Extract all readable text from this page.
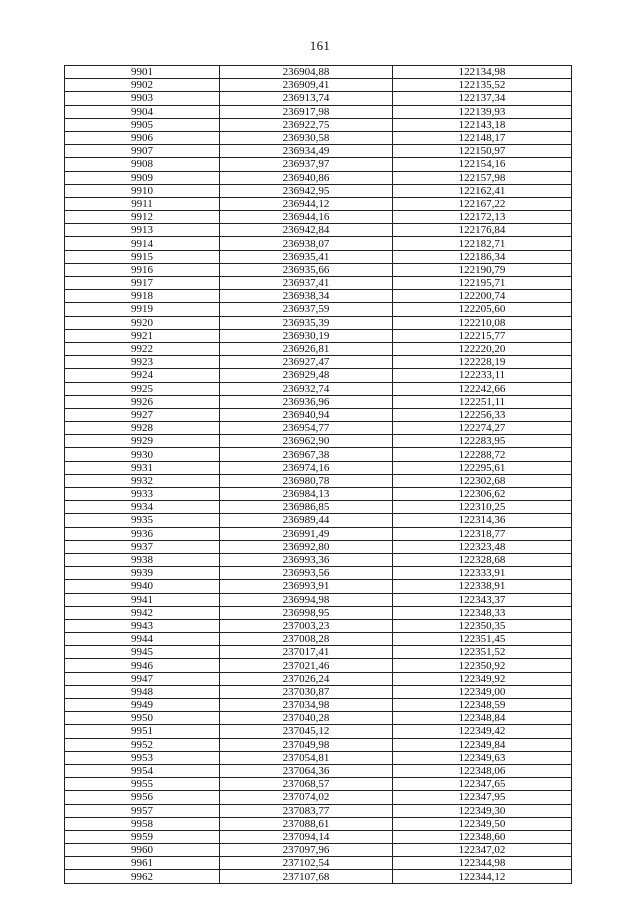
161
9901	236904,88	122134,98
9902	236909,41	122135,52
9903	236913,74	122137,34
9904	236917,98	122139,93
9905	236922,75	122143,18
9906	236930,58	122148,17
9907	236934,49	122150,97
9908	236937,97	122154,16
9909	236940,86	122157,98
9910	236942,95	122162,41
9911	236944,12	122167,22
9912	236944,16	122172,13
9913	236942,84	122176,84
9914	236938,07	122182,71
9915	236935,41	122186,34
9916	236935,66	122190,79
9917	236937,41	122195,71
9918	236938,34	122200,74
9919	236937,59	122205,60
9920	236935,39	122210,08
9921	236930,19	122215,77
9922	236926,81	122220,20
9923	236927,47	122228,19
9924	236929,48	122233,11
9925	236932,74	122242,66
9926	236936,96	122251,11
9927	236940,94	122256,33
9928	236954,77	122274,27
9929	236962,90	122283,95
9930	236967,38	122288,72
9931	236974,16	122295,61
9932	236980,78	122302,68
9933	236984,13	122306,62
9934	236986,85	122310,25
9935	236989,44	122314,36
9936	236991,49	122318,77
9937	236992,80	122323,48
9938	236993,36	122328,68
9939	236993,56	122333,91
9940	236993,91	122338,91
9941	236994,98	122343,37
9942	236998,95	122348,33
9943	237003,23	122350,35
9944	237008,28	122351,45
9945	237017,41	122351,52
9946	237021,46	122350,92
9947	237026,24	122349,92
9948	237030,87	122349,00
9949	237034,98	122348,59
9950	237040,28	122348,84
9951	237045,12	122349,42
9952	237049,98	122349,84
9953	237054,81	122349,63
9954	237064,36	122348,06
9955	237068,57	122347,65
9956	237074,02	122347,95
9957	237083,77	122349,30
9958	237088,61	122349,50
9959	237094,14	122348,60
9960	237097,96	122347,02
9961	237102,54	122344,98
9962	237107,68	122344,12
